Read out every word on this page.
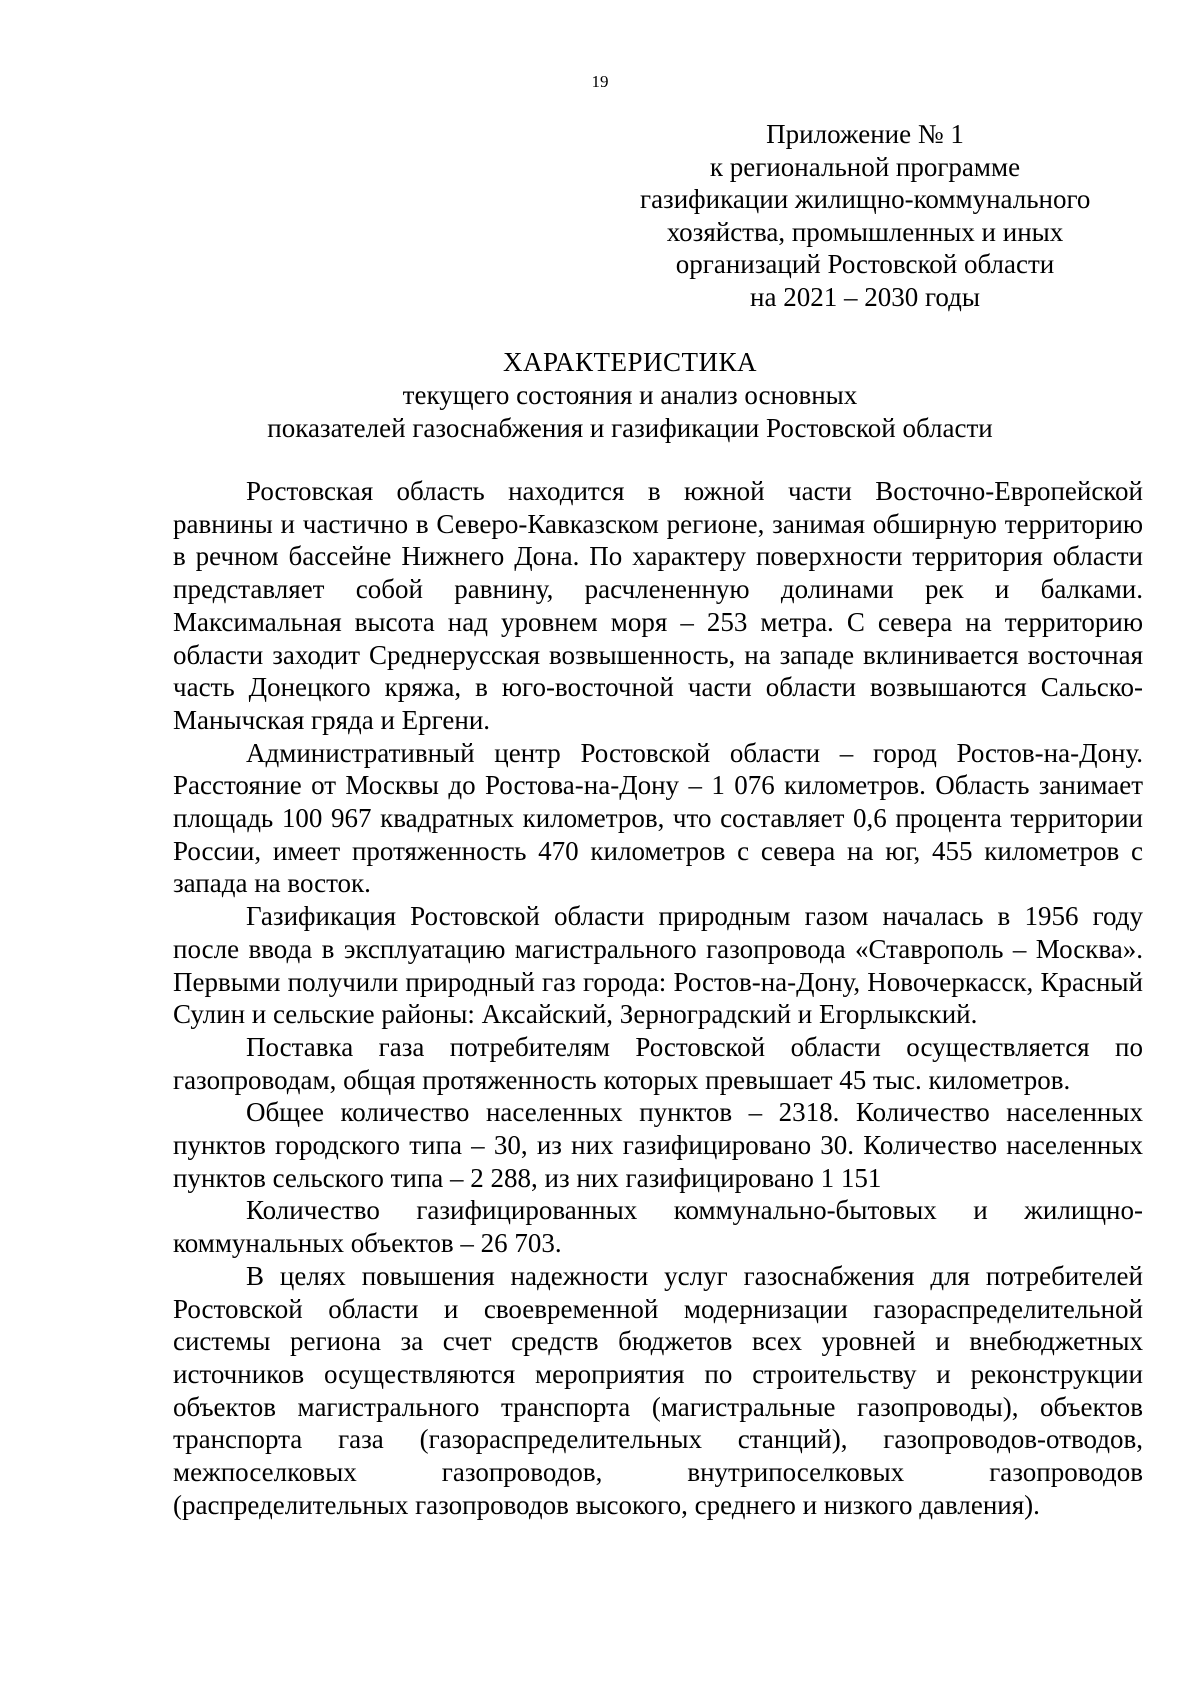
19
Приложение № 1
к региональной программе
газификации жилищно-коммунального
хозяйства, промышленных и иных
организаций Ростовской области
на 2021 – 2030 годы
ХАРАКТЕРИСТИКА
текущего состояния и анализ основных
показателей газоснабжения и газификации Ростовской области

Ростовская область находится в южной части Восточно-Европейской равнины и частично в Северо-Кавказском регионе, занимая обширную территорию в речном бассейне Нижнего Дона. По характеру поверхности территория области представляет собой равнину, расчлененную долинами рек и балками. Максимальная высота над уровнем моря – 253 метра. С севера на территорию области заходит Среднерусская возвышенность, на западе вклинивается восточная часть Донецкого кряжа, в юго-восточной части области возвышаются Сальско-Манычская гряда и Ергени.

Административный центр Ростовской области – город Ростов-на-Дону. Расстояние от Москвы до Ростова-на-Дону – 1 076 километров. Область занимает площадь 100 967 квадратных километров, что составляет 0,6 процента территории России, имеет протяженность 470 километров с севера на юг, 455 километров с запада на восток.

Газификация Ростовской области природным газом началась в 1956 году после ввода в эксплуатацию магистрального газопровода «Ставрополь – Москва». Первыми получили природный газ города: Ростов-на-Дону, Новочеркасск, Красный Сулин и сельские районы: Аксайский, Зерноградский и Егорлыкский.

Поставка газа потребителям Ростовской области осуществляется по газопроводам, общая протяженность которых превышает 45 тыс. километров.

Общее количество населенных пунктов – 2318. Количество населенных пунктов городского типа – 30, из них газифицировано 30. Количество населенных пунктов сельского типа – 2 288, из них газифицировано 1 151

Количество газифицированных коммунально-бытовых и жилищно-коммунальных объектов – 26 703.

В целях повышения надежности услуг газоснабжения для потребителей Ростовской области и своевременной модернизации газораспределительной системы региона за счет средств бюджетов всех уровней и внебюджетных источников осуществляются мероприятия по строительству и реконструкции объектов магистрального транспорта (магистральные газопроводы), объектов транспорта газа (газораспределительных станций), газопроводов-отводов, межпоселковых газопроводов, внутрипоселковых газопроводов (распределительных газопроводов высокого, среднего и низкого давления).
